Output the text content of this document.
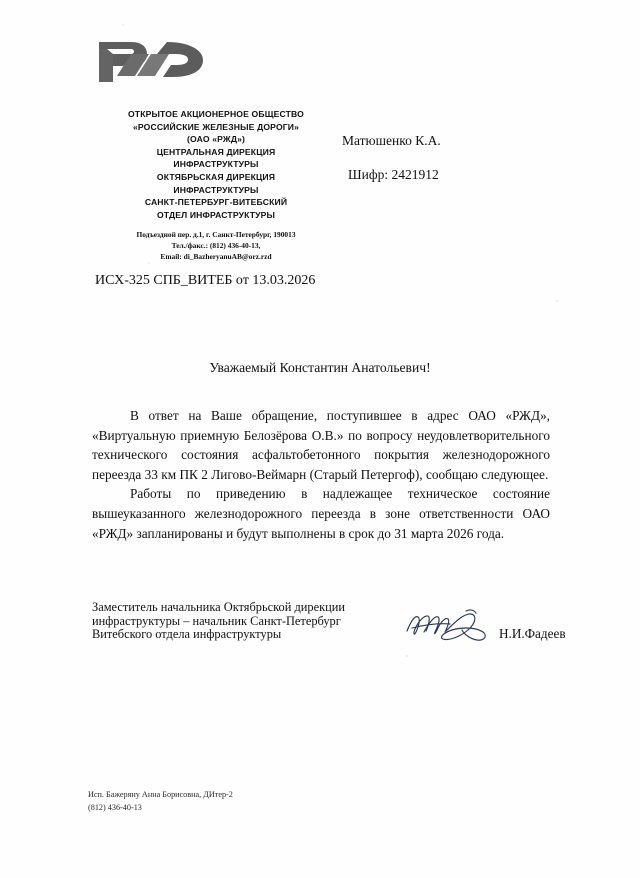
ОТКРЫТОЕ АКЦИОНЕРНОЕ ОБЩЕСТВО
«РОССИЙСКИЕ ЖЕЛЕЗНЫЕ ДОРОГИ»
(ОАО «РЖД»)
ЦЕНТРАЛЬНАЯ ДИРЕКЦИЯ
ИНФРАСТРУКТУРЫ
ОКТЯБРЬСКАЯ ДИРЕКЦИЯ
ИНФРАСТРУКТУРЫ
САНКТ-ПЕТЕРБУРГ-ВИТЕБСКИЙ
ОТДЕЛ ИНФРАСТРУКТУРЫ
Подъездной пер. д.1, г. Санкт-Петербург, 190013
Тел./факс.: (812) 436-40-13,
Email: di_BazheryanuAB@orz.rzd
Матюшенко К.А.
Шифр: 2421912
ИСХ-325 СПБ_ВИТЕБ от 13.03.2026
Уважаемый Константин Анатольевич!

В ответ на Ваше обращение, поступившее в адрес ОАО «РЖД», «Виртуальную приемную Белозёрова О.В.» по вопросу неудовлетворительного технического состояния асфальтобетонного покрытия железнодорожного переезда 33 км ПК 2 Лигово-Веймарн (Старый Петергоф), сообщаю следующее.

Работы по приведению в надлежащее техническое состояние вышеуказанного железнодорожного переезда в зоне ответственности ОАО «РЖД» запланированы и будут выполнены в срок до 31 марта 2026 года.

Заместитель начальника Октябрьской дирекции
инфраструктуры – начальник Санкт-Петербург
Витебского отдела инфраструктуры	Н.И.Фадеев
Исп. Бажеряну Анна Борисовна, ДИтер-2
(812) 436-40-13
